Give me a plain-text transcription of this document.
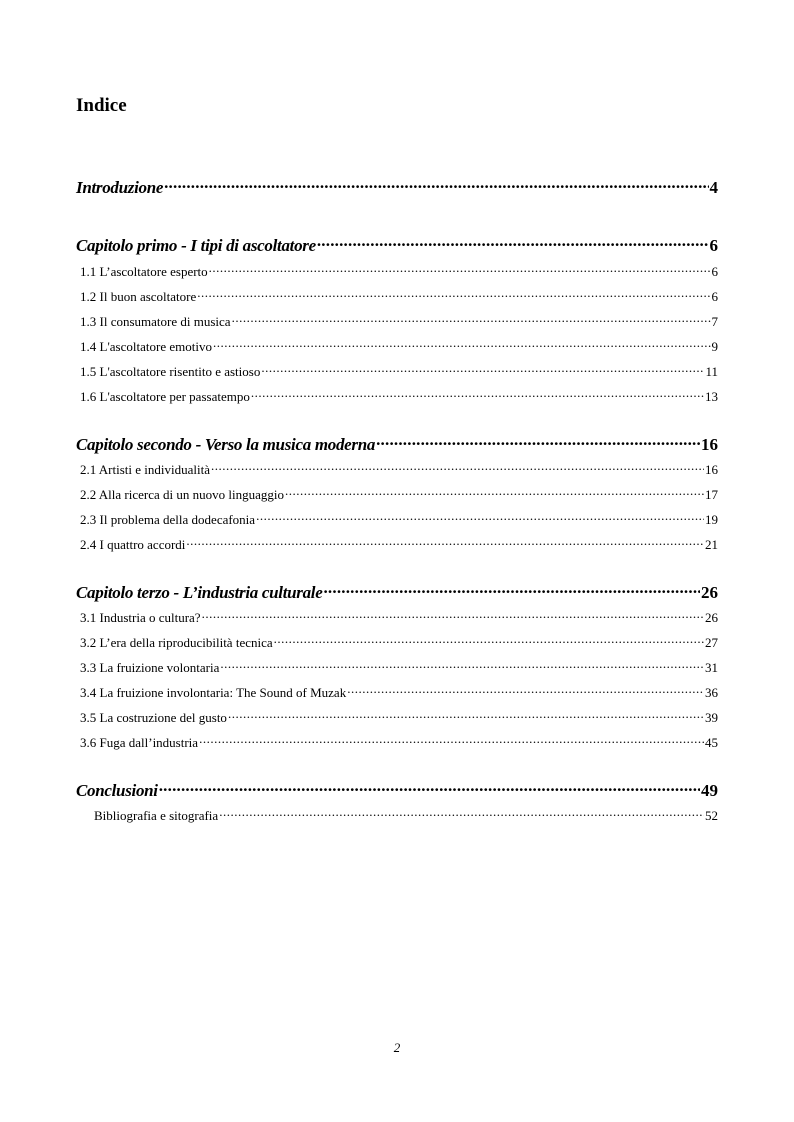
Indice
Introduzione .....	4
Capitolo primo - I tipi di ascoltatore .....	6
1.1 L’ascoltatore esperto .....	6
1.2 Il buon ascoltatore .....	6
1.3 Il consumatore di musica .....	7
1.4 L'ascoltatore emotivo .....	9
1.5 L'ascoltatore risentito e astioso .....	11
1.6 L'ascoltatore per passatempo .....	13
Capitolo secondo - Verso la musica moderna .....	16
2.1 Artisti e individualità .....	16
2.2 Alla ricerca di un nuovo linguaggio .....	17
2.3 Il problema della dodecafonia .....	19
2.4 I quattro accordi .....	21
Capitolo terzo - L’industria culturale .....	26
3.1 Industria o cultura? .....	26
3.2 L’era della riproducibilità tecnica .....	27
3.3 La fruizione volontaria .....	31
3.4 La fruizione involontaria: The Sound of Muzak .....	36
3.5 La costruzione del gusto .....	39
3.6 Fuga dall’industria .....	45
Conclusioni .....	49
Bibliografia e sitografia .....	52
2
